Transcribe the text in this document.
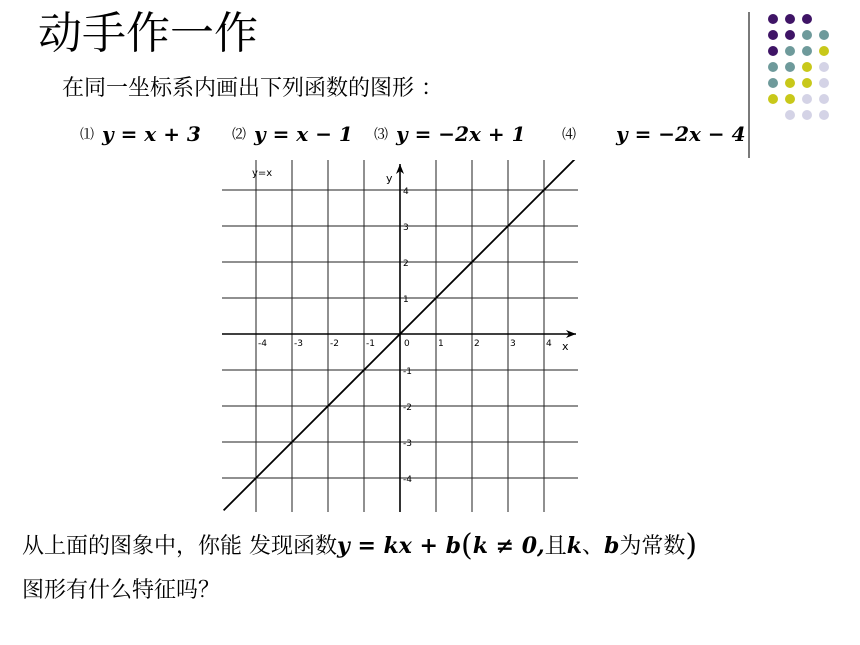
动手作一作
在同一坐标系内画出下列函数的图形 ：
⑴ y = x + 3 ⑵ y = x − 1 ⑶ y = −2x + 1	⑷ y = −2x − 4
-4	-3	-2	-1	1	2	3	4
4
3
2
1
-1
-2
-3
-4
0	x
y
y=x
从上面的图象中，你能 发现函数y = kx + b(k ≠ 0,且k、b为常数)
图形有什么特征吗？
